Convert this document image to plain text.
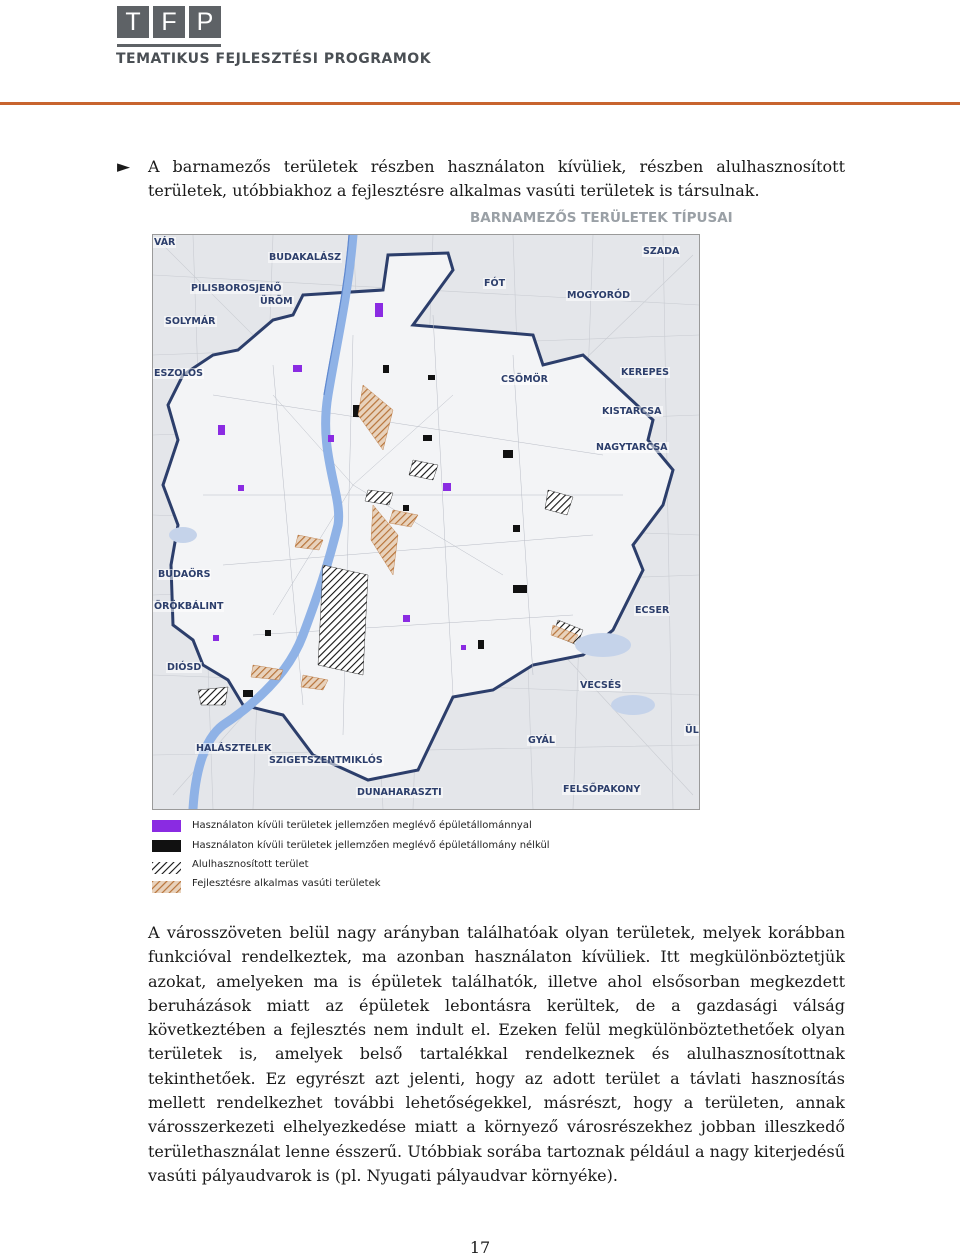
T F P
TEMATIKUS FEJLESZTÉSI PROGRAMOK
► A barnamezős területek részben használaton kívüliek, részben alulhasznosított területek, utóbbiakhoz a fejlesztésre alkalmas vasúti területek is társulnak.
BARNAMEZŐS TERÜLETEK TÍPUSAI
VÁR
BUDAKALÁSZ
SZADA
PILISBOROSJENŐ
ÜRÖM
FÓT
MOGYORÓD
SOLYMÁR
ESZOLOS
CSÖMÖR
KEREPES
KISTARCSA
NAGYTARCSA
BUDAÖRS
ÖRÖKBÁLINT	ECSER
DIÓSD
VECSÉS
GYÁL
ÜL
HALÁSZTELEK
SZIGETSZENTMIKLÓS
DUNAHARASZTI	FELSŐPAKONY
Használaton kívüli területek jellemzően meglévő épületállománnyal
Használaton kívüli területek jellemzően meglévő épületállomány nélkül
Alulhasznosított terület
Fejlesztésre alkalmas vasúti területek
A városszöveten belül nagy arányban találhatóak olyan területek, melyek korábban funkcióval rendelkeztek, ma azonban használaton kívüliek. Itt megkülönböztetjük azokat, amelyeken ma is épületek találhatók, illetve ahol elsősorban megkezdett beruházások miatt az épületek lebontásra kerültek, de a gazdasági válság következtében a fejlesztés nem indult el. Ezeken felül megkülönböztethetőek olyan területek is, amelyek belső tartalékkal rendelkeznek és alulhasznosítottnak tekinthetőek. Ez egyrészt azt jelenti, hogy az adott terület a távlati hasznosítás mellett rendelkezhet további lehetőségekkel, másrészt, hogy a területen, annak városszerkezeti elhelyezkedése miatt a környező városrészekhez jobban illeszkedő területhasználat lenne ésszerű. Utóbbiak sorába tartoznak például a nagy kiterjedésű vasúti pályaudvarok is (pl. Nyugati pályaudvar környéke).
17
